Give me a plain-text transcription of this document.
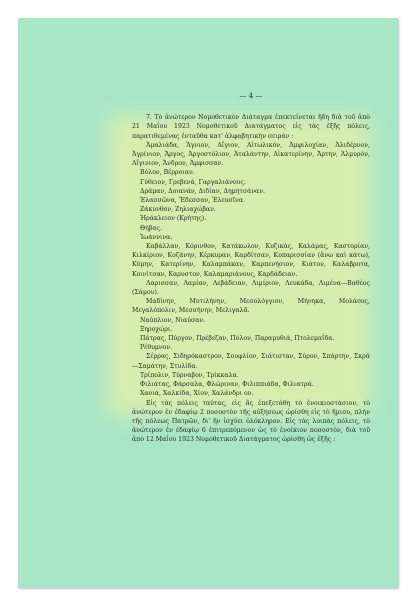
— 4 —

7. Τὸ ἀνώτερον Νομοθετικὸν Διάταγμα ἐπεκτείνεται ἤδη διὰ τοῦ ἀπὸ 21 Μαΐου 1923 Νομοθετικοῦ Διατάγματος εἰς τὰς ἑξῆς πόλεις, παρατιθεμένας ἐνταῦθα κατ' ἀλφαβητικὴν σειράν :

Ἀμαλιάδα, Ἄγνιον, Αἴγιον, Αἰτωλικόν, Ἀμφιλοχίαν, Ἀλιδέρνον, Ἀγρίνιον, Ἄργος, Ἀργοστόλιον, Ἀταλάντην, Αἰκατερίνην, Ἄρτην, Ἁλμυρόν, Αἴγινιον, Ἄνδρον, Ἀμφισσαν.

Βόλον, Βέρροιαν.
Γύθειον, Γρεβενά, Γαργαλιάνους.
Δράμαν, Δοιανάν, Διδίαν, Δημητσάναν.
Ἐλασσῶνα, Ἔδεσσαν, Ἐλευσῖνα.
Ζάκυνθον, Ζηλιαχώβαν.
Ἡράκλειον (Κρήτης).
Θήβας.
Ἰωάννινα.

Καβάλλαν, Κόρινθον, Κατάκωλον, Κυζικὰς, Καλάμας, Καστορίαν, Κιλκίριον, Κοζάνην, Κέρκυραν, Καρδίτσαν, Κυπαρισσίαν (ἄνω καὶ κάτω), Κύμην, Κατερίνην, Καλαμπάκαν, Καρπενήσιον, Κιάτον, Καλάβρυτα, Κοινίτσαν, Καρυστον, Καλαμαριάνους, Καρδάδειαν.

Λαρισσαν, Λαμίαν, Λεβάδειαν, Λιμίριον, Λευκάδα, Λιμένα—Βαθέος (Σάμου).

Μαδίνην, Μυτιλήνην, Μεσολόγγιον, Μήνηκα, Μολάους, Μεγαλόπολιν, Μεσσήνην, Μελιγαλᾶ.

Ναύπλιον, Νιαύσαν.
Ξηροχώρι.
Πάτρας, Πύργον, Πρέβεζαν, Πόλον, Παραμυθιά, Πτολεμαΐδα.
Ρέθυμνον.

Σέρρας, Σιδηρόκαστρον, Σουφλίον, Σιάτισταν, Σύρον, Σπάρτην, Σκρά—Σαμάτην, Στυλίδα.

Τρίπολιν, Τύρναβον, Τρίκκαλα.
Φιλιάτας, Φάρσαλα, Φλώριναν, Φιλιππιάδα, Φιλιατρά.
Χανιά, Χαλκίδα, Χίον, Χαλάνδρι ον.

Εἰς τὰς πόλεις ταύτας, εἰς ἃς ἐπεξετάθη τὸ ἐνοικιοστάσιον, τὸ ἀνώτερον ἐν ἐδαφίῳ 2 ποσοστὸν τῆς αὐξήσεως ὡρίσθη εἰς τὸ ἥμισυ, πλὴν τῆς πόλεως Πατρῶν, δι' ἣν ἰσχύει ὁλόκληρον. Εἰς τὰς λοιπὰς πόλεις, τὸ ἀνώτερον ἐν ἐδαφίῳ 6 ἐπιτρεπόμενον ὡς τὸ ἐνοίκιον ποσοστὸν, διὰ τοῦ ἀπὸ 12 Μαΐου 1923 Νομοθετικοῦ Διατάγματος ὡρίσθη ὡς ἑξῆς :
